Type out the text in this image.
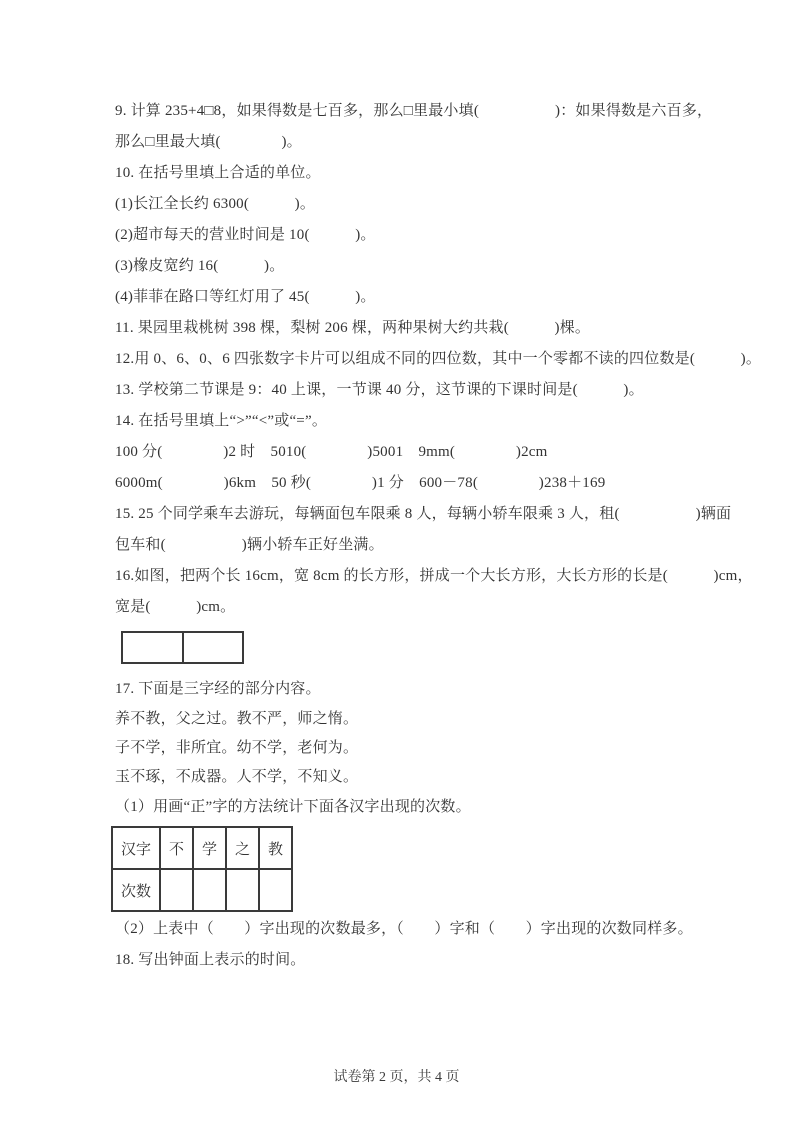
9. 计算 235+4□8，如果得数是七百多，那么□里最小填(　　　　　)：如果得数是六百多，

那么□里最大填(　　　　)。

10. 在括号里填上合适的单位。

(1)长江全长约 6300(　　　)。

(2)超市每天的营业时间是 10(　　　)。

(3)橡皮宽约 16(　　　)。

(4)菲菲在路口等红灯用了 45(　　　)。

11. 果园里栽桃树 398 棵，梨树 206 棵，两种果树大约共栽(　　　)棵。

12.用 0、6、0、6 四张数字卡片可以组成不同的四位数，其中一个零都不读的四位数是(　　　)。

13. 学校第二节课是 9：40 上课，一节课 40 分，这节课的下课时间是(　　　)。

14. 在括号里填上“>”“<”或“=”。

100 分(　　　　)2 时　5010(　　　　)5001　9mm(　　　　)2cm

6000m(　　　　)6km　50 秒(　　　　)1 分　600－78(　　　　)238＋169

15. 25 个同学乘车去游玩，每辆面包车限乘 8 人，每辆小轿车限乘 3 人，租(　　　　　)辆面

包车和(　　　　　)辆小轿车正好坐满。

16.如图，把两个长 16cm，宽 8cm 的长方形，拼成一个大长方形，大长方形的长是(　　　)cm，

宽是(　　　)cm。

17. 下面是三字经的部分内容。

养不教，父之过。教不严，师之惰。

子不学，非所宜。幼不学，老何为。

玉不琢，不成器。人不学，不知义。

（1）用画“正”字的方法统计下面各汉字出现的次数。

汉字	不	学	之	教
次数				

（2）上表中（　　）字出现的次数最多，（　　）字和（　　）字出现的次数同样多。

18. 写出钟面上表示的时间。

试卷第 2 页，共 4 页
